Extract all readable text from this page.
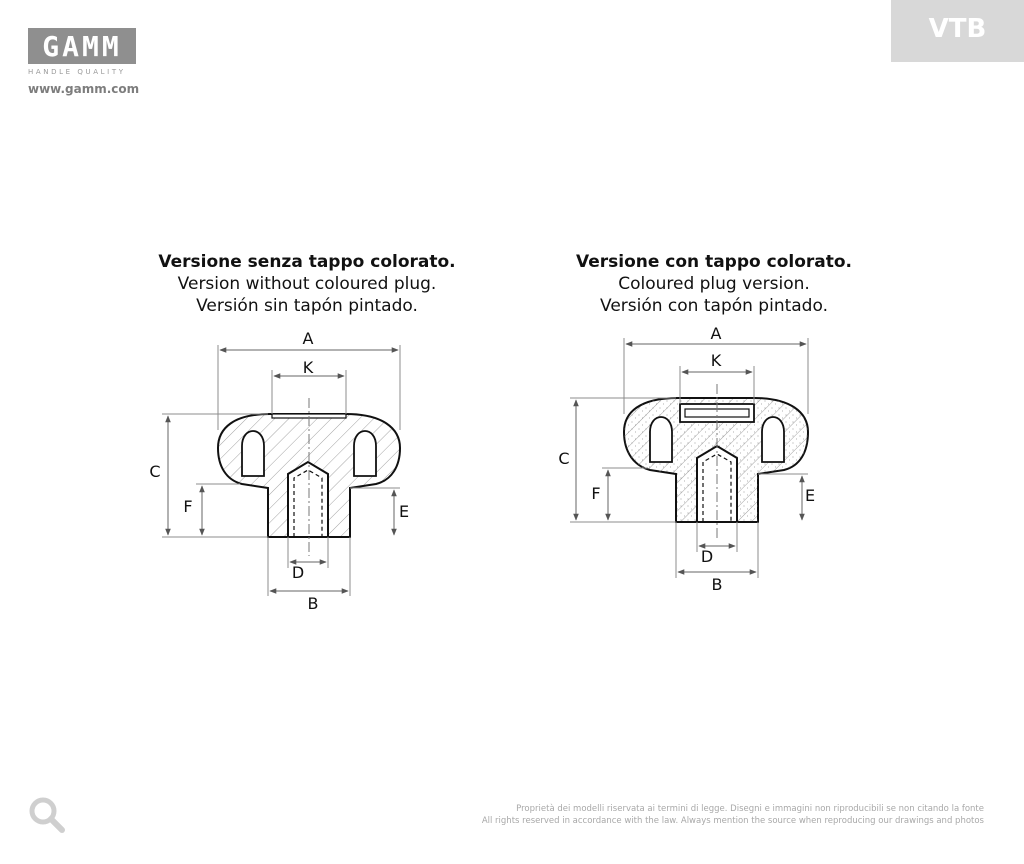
GAMM
HANDLE QUALITY
www.gamm.com
VTB
Versione senza tappo colorato.
Version without coloured plug.
Versión sin tapón pintado.
Versione con tappo colorato.
Coloured plug version.
Versión con tapón pintado.
A
K
C
F	E
D
B
A
K
C
F	E
D
B
Proprietà dei modelli riservata ai termini di legge. Disegni e immagini non riproducibili se non citando la fonte
All rights reserved in accordance with the law. Always mention the source when reproducing our drawings and photos
